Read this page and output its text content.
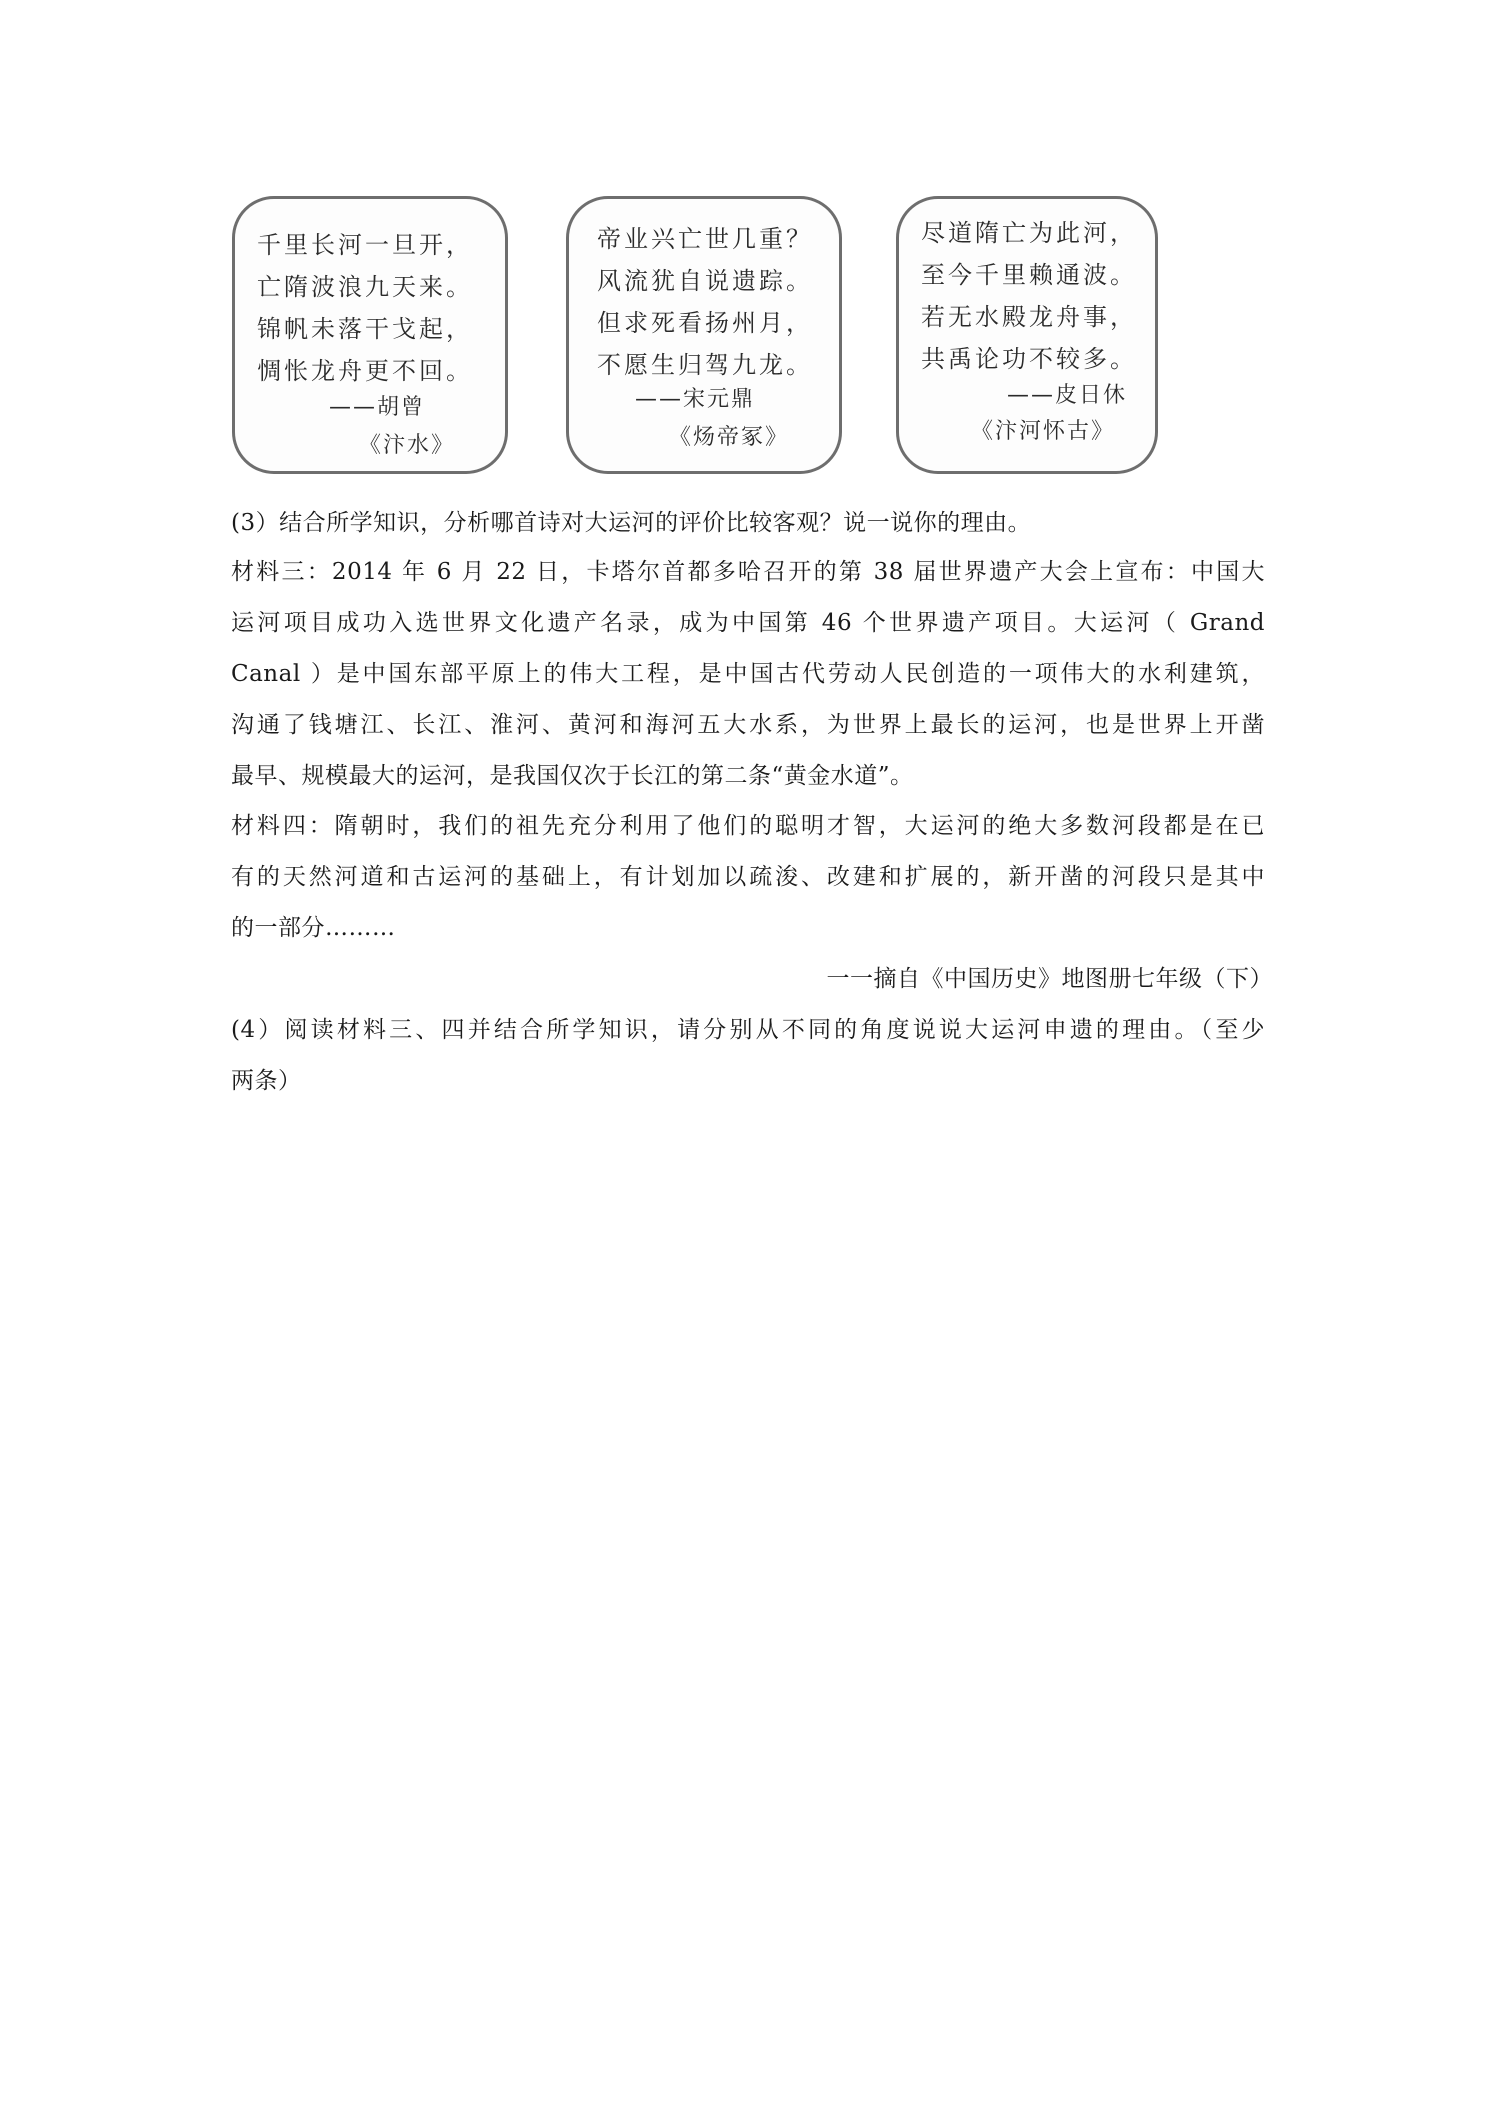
千里长河一旦开，
亡隋波浪九天来。
锦帆未落干戈起，
惆怅龙舟更不回。
——胡曾
《汴水》
帝业兴亡世几重？
风流犹自说遗踪。
但求死看扬州月，
不愿生归驾九龙。
——宋元鼎
《炀帝冢》
尽道隋亡为此河，
至今千里赖通波。
若无水殿龙舟事，
共禹论功不较多。
——皮日休
《汴河怀古》
(3）结合所学知识，分析哪首诗对大运河的评价比较客观？说一说你的理由。
材料三：2014 年 6 月 22 日，卡塔尔首都多哈召开的第 38 届世界遗产大会上宣布：中国大
运河项目成功入选世界文化遗产名录，成为中国第 46 个世界遗产项目。大运河（ Grand
Canal ）是中国东部平原上的伟大工程，是中国古代劳动人民创造的一项伟大的水利建筑，
沟通了钱塘江、长江、淮河、黄河和海河五大水系，为世界上最长的运河，也是世界上开凿
最早、规模最大的运河，是我国仅次于长江的第二条“黄金水道”。
材料四：隋朝时，我们的祖先充分利用了他们的聪明才智，大运河的绝大多数河段都是在已
有的天然河道和古运河的基础上，有计划加以疏浚、改建和扩展的，新开凿的河段只是其中
的一部分………
一一摘自《中国历史》地图册七年级（下）
(4）阅读材料三、四并结合所学知识，请分别从不同的角度说说大运河申遗的理由。（至少
两条）
